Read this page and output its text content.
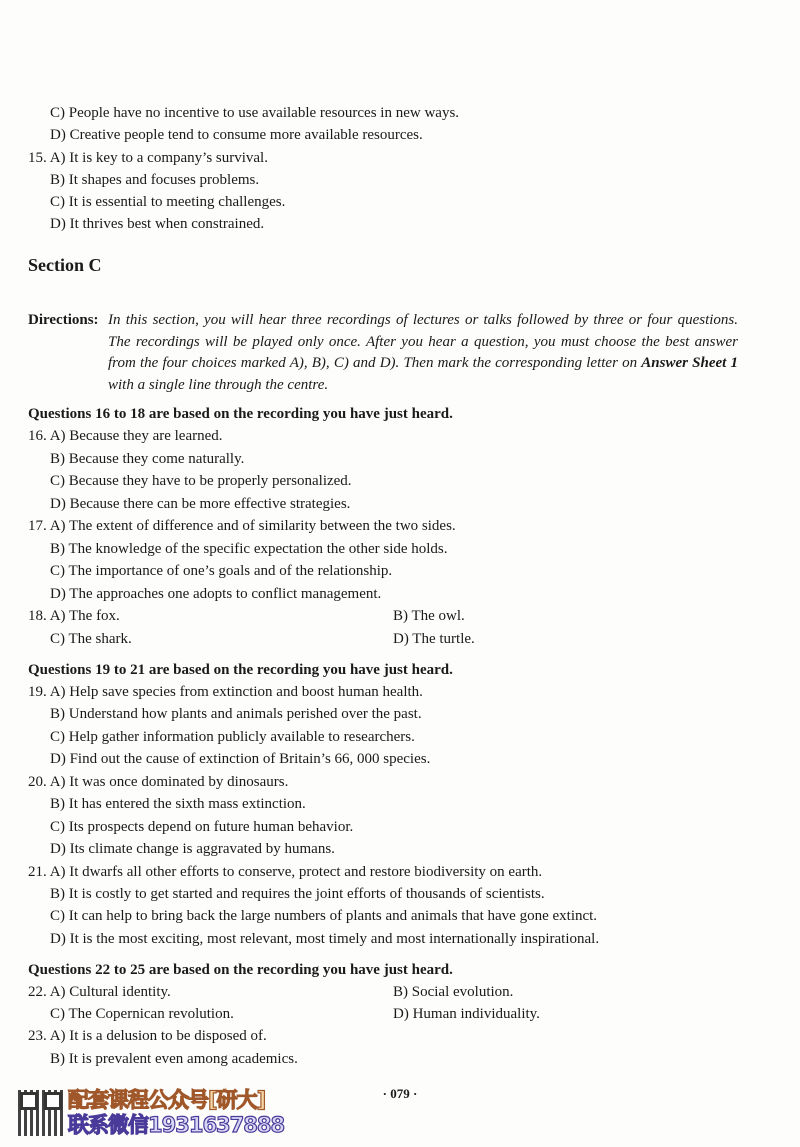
C) People have no incentive to use available resources in new ways.
D) Creative people tend to consume more available resources.
15. A) It is key to a company’s survival.
B) It shapes and focuses problems.
C) It is essential to meeting challenges.
D) It thrives best when constrained.
Section C
Directions: In this section, you will hear three recordings of lectures or talks followed by three or four questions. The recordings will be played only once. After you hear a question, you must choose the best answer from the four choices marked A), B), C) and D). Then mark the corresponding letter on Answer Sheet 1 with a single line through the centre.
Questions 16 to 18 are based on the recording you have just heard.
16. A) Because they are learned.
B) Because they come naturally.
C) Because they have to be properly personalized.
D) Because there can be more effective strategies.
17. A) The extent of difference and of similarity between the two sides.
B) The knowledge of the specific expectation the other side holds.
C) The importance of one’s goals and of the relationship.
D) The approaches one adopts to conflict management.
18. A) The fox.	B) The owl.
C) The shark.	D) The turtle.
Questions 19 to 21 are based on the recording you have just heard.
19. A) Help save species from extinction and boost human health.
B) Understand how plants and animals perished over the past.
C) Help gather information publicly available to researchers.
D) Find out the cause of extinction of Britain’s 66, 000 species.
20. A) It was once dominated by dinosaurs.
B) It has entered the sixth mass extinction.
C) Its prospects depend on future human behavior.
D) Its climate change is aggravated by humans.
21. A) It dwarfs all other efforts to conserve, protect and restore biodiversity on earth.
B) It is costly to get started and requires the joint efforts of thousands of scientists.
C) It can help to bring back the large numbers of plants and animals that have gone extinct.
D) It is the most exciting, most relevant, most timely and most internationally inspirational.
Questions 22 to 25 are based on the recording you have just heard.
22. A) Cultural identity.	B) Social evolution.
C) The Copernican revolution.	D) Human individuality.
23. A) It is a delusion to be disposed of.
B) It is prevalent even among academics.
· 079 ·
配套课程公众号[研大]
联系微信1931637888
